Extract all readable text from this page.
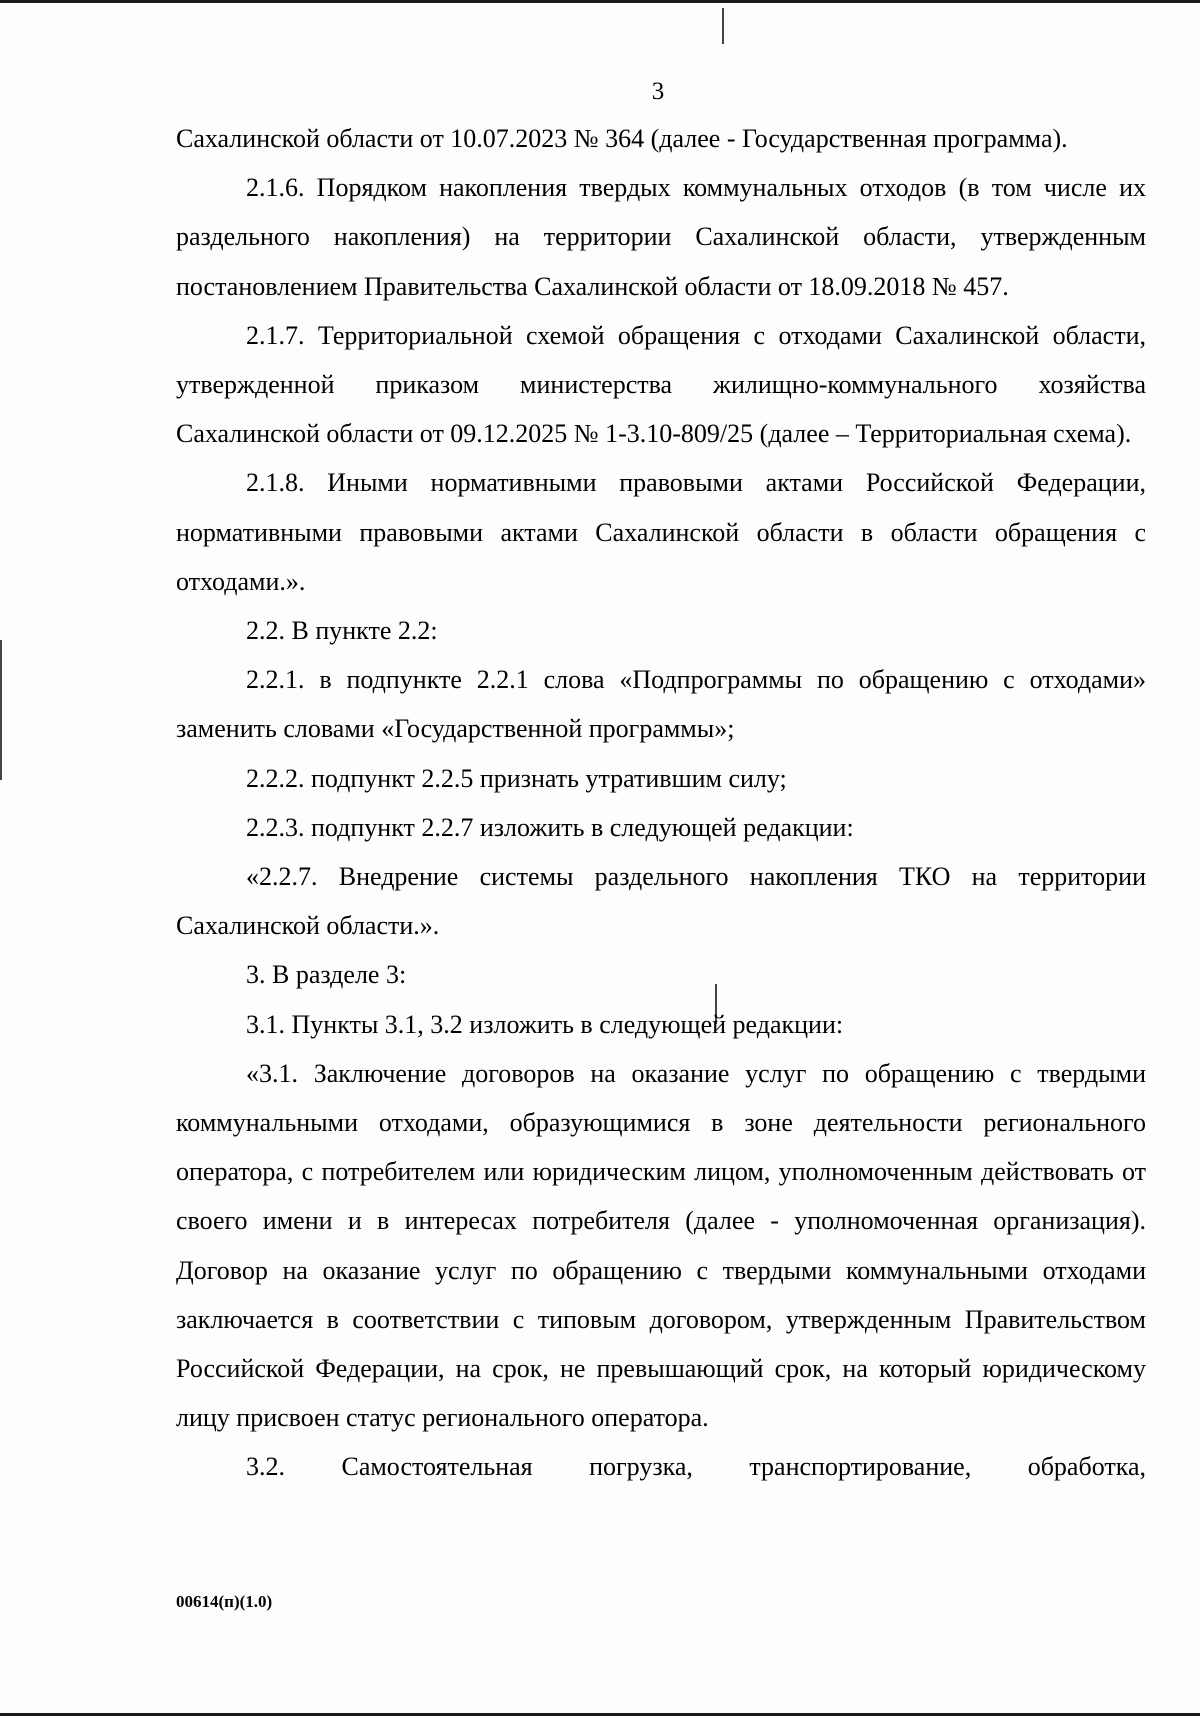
3

Сахалинской области от 10.07.2023 № 364 (далее - Государственная программа).

2.1.6. Порядком накопления твердых коммунальных отходов (в том числе их раздельного накопления) на территории Сахалинской области, утвержденным постановлением Правительства Сахалинской области от 18.09.2018 № 457.

2.1.7. Территориальной схемой обращения с отходами Сахалинской области, утвержденной приказом министерства жилищно-коммунального хозяйства Сахалинской области от 09.12.2025 № 1-3.10-809/25 (далее – Территориальная схема).

2.1.8. Иными нормативными правовыми актами Российской Федерации, нормативными правовыми актами Сахалинской области в области обращения с отходами.».

2.2. В пункте 2.2:

2.2.1. в подпункте 2.2.1 слова «Подпрограммы по обращению с отходами» заменить словами «Государственной программы»;

2.2.2. подпункт 2.2.5 признать утратившим силу;

2.2.3. подпункт 2.2.7 изложить в следующей редакции:

«2.2.7. Внедрение системы раздельного накопления ТКО на территории Сахалинской области.».

3. В разделе 3:

3.1. Пункты 3.1, 3.2 изложить в следующей редакции:

«3.1. Заключение договоров на оказание услуг по обращению с твердыми коммунальными отходами, образующимися в зоне деятельности регионального оператора, с потребителем или юридическим лицом, уполномоченным действовать от своего имени и в интересах потребителя (далее - уполномоченная организация). Договор на оказание услуг по обращению с твердыми коммунальными отходами заключается в соответствии с типовым договором, утвержденным Правительством Российской Федерации, на срок, не превышающий срок, на который юридическому лицу присвоен статус регионального оператора.

3.2. Самостоятельная погрузка, транспортирование, обработка,

00614(п)(1.0)
